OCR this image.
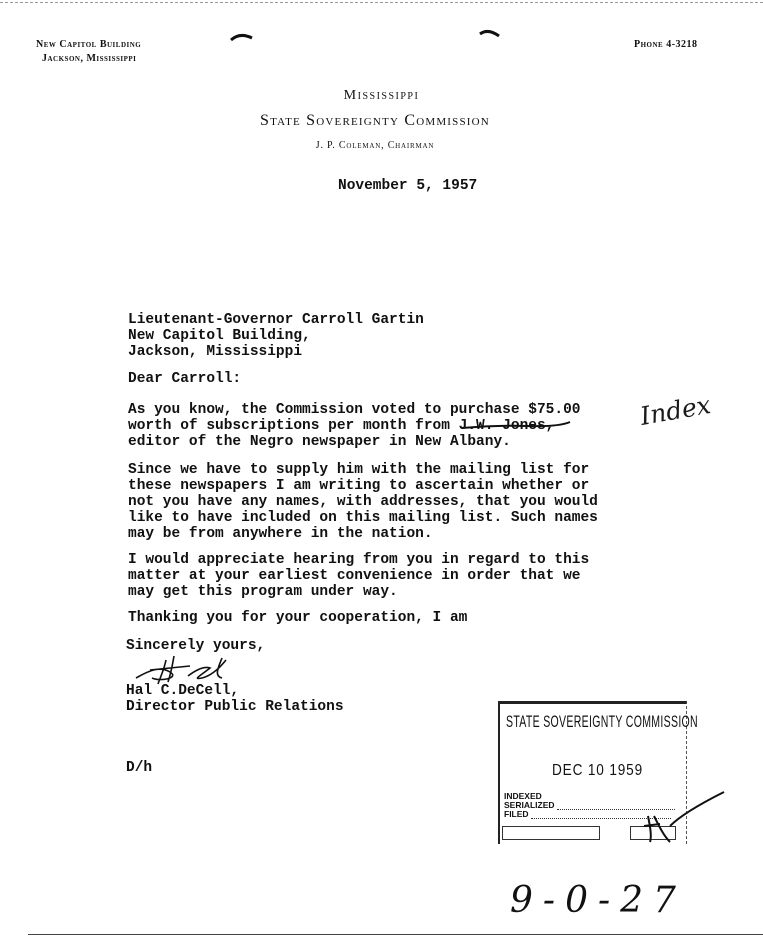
New Capitol Building
Jackson, Mississippi
Phone 4-3218
Mississippi
State Sovereignty Commission
J. P. Coleman, Chairman
November 5, 1957
Lieutenant-Governor Carroll Gartin
New Capitol Building,
Jackson, Mississippi
Dear Carroll:
As you know, the Commission voted to purchase $75.00
worth of subscriptions per month from J.W. Jones,
editor of the Negro newspaper in New Albany.
Since we have to supply him with the mailing list for
these newspapers I am writing to ascertain whether or
not you have any names, with addresses, that you would
like to have included on this mailing list. Such names
may be from anywhere in the nation.
I would appreciate hearing from you in regard to this
matter at your earliest convenience in order that we
may get this program under way.
Thanking you for your cooperation, I am
Sincerely yours,
Hal C.DeCell,
Director Public Relations
D/h
Index
STATE SOVEREIGNTY COMMISSION
DEC 10 1959
INDEXED
SERIALIZED
FILED
9-0-27
